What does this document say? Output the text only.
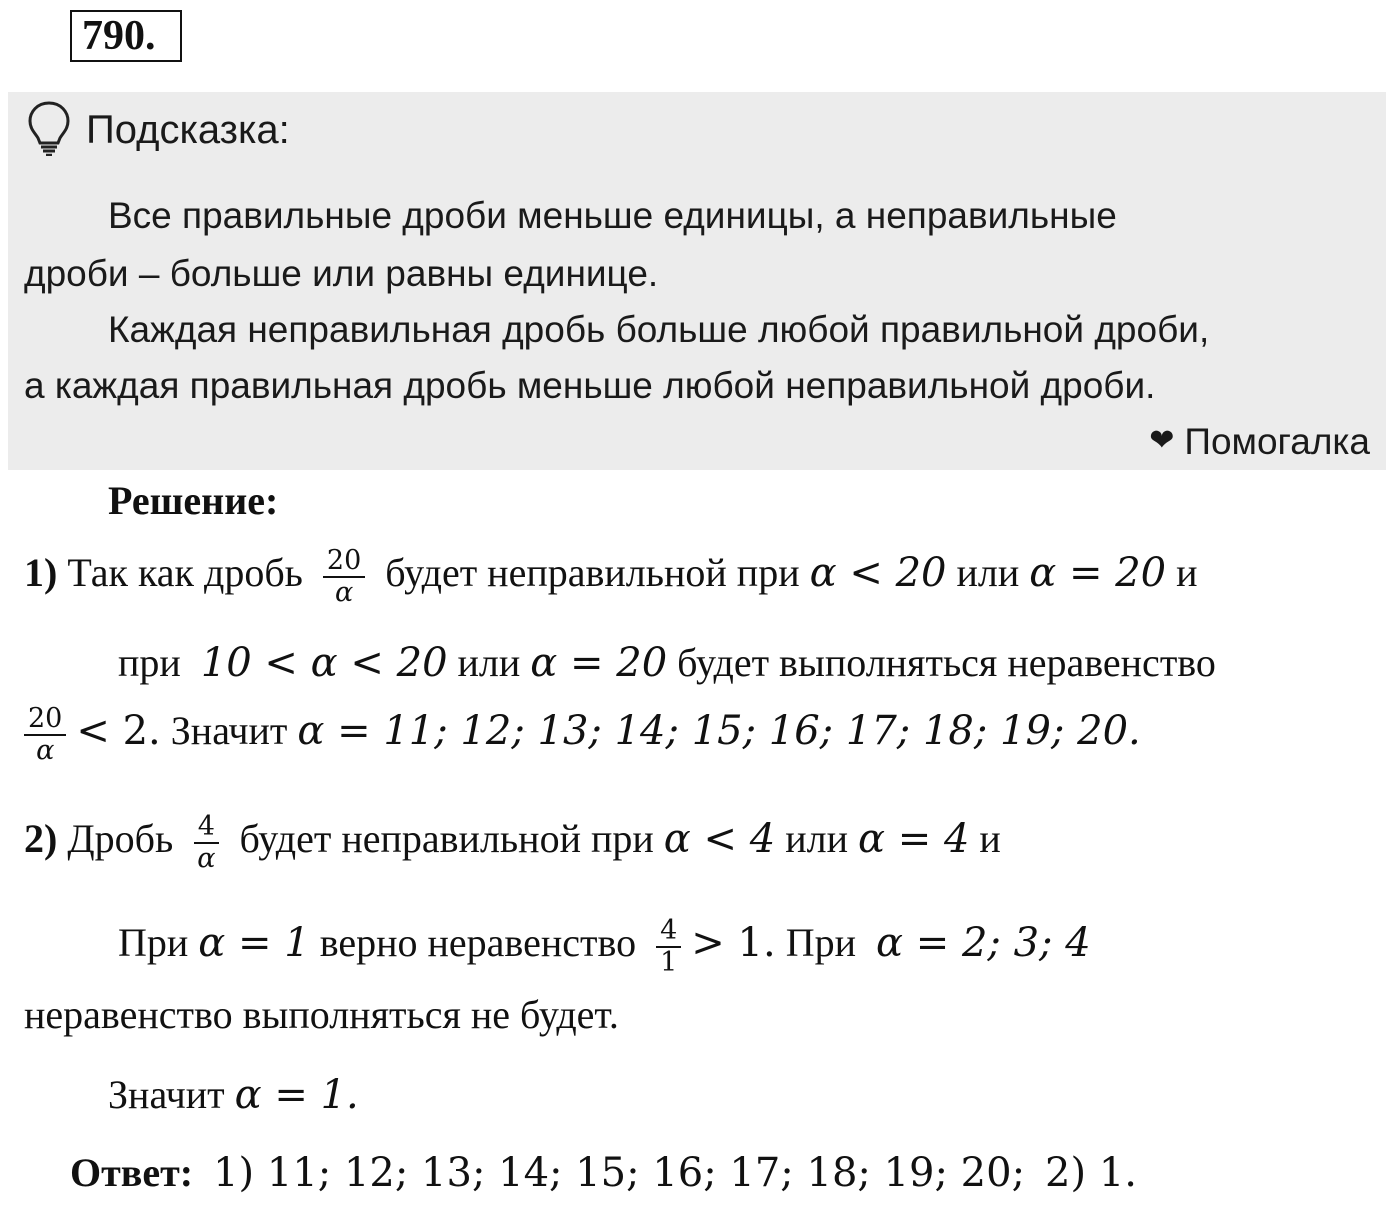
790.
Подсказка:
Все правильные дроби меньше единицы, а неправильные
дроби – больше или равны единице.
Каждая неправильная дробь больше любой правильной дроби,
а каждая правильная дробь меньше любой неправильной дроби.
❤ Помогалка
Решение:
1) Так как дробь $\frac{20}{\alpha}$ будет неправильной при α < 20 или α = 20 и
при 10 < α < 20 или α = 20 будет выполняться неравенство
$\frac{20}{\alpha} < 2$. Значит α = 11; 12; 13; 14; 15; 16; 17; 18; 19; 20.
2) Дробь $\frac{4}{\alpha}$ будет неправильной при α < 4 или α = 4 и
При α = 1 верно неравенство $\frac{4}{1} > 1$. При α = 2; 3; 4
неравенство выполняться не будет.
Значит α = 1.
Ответ: 1) 11; 12; 13; 14; 15; 16; 17; 18; 19; 20; 2) 1.
